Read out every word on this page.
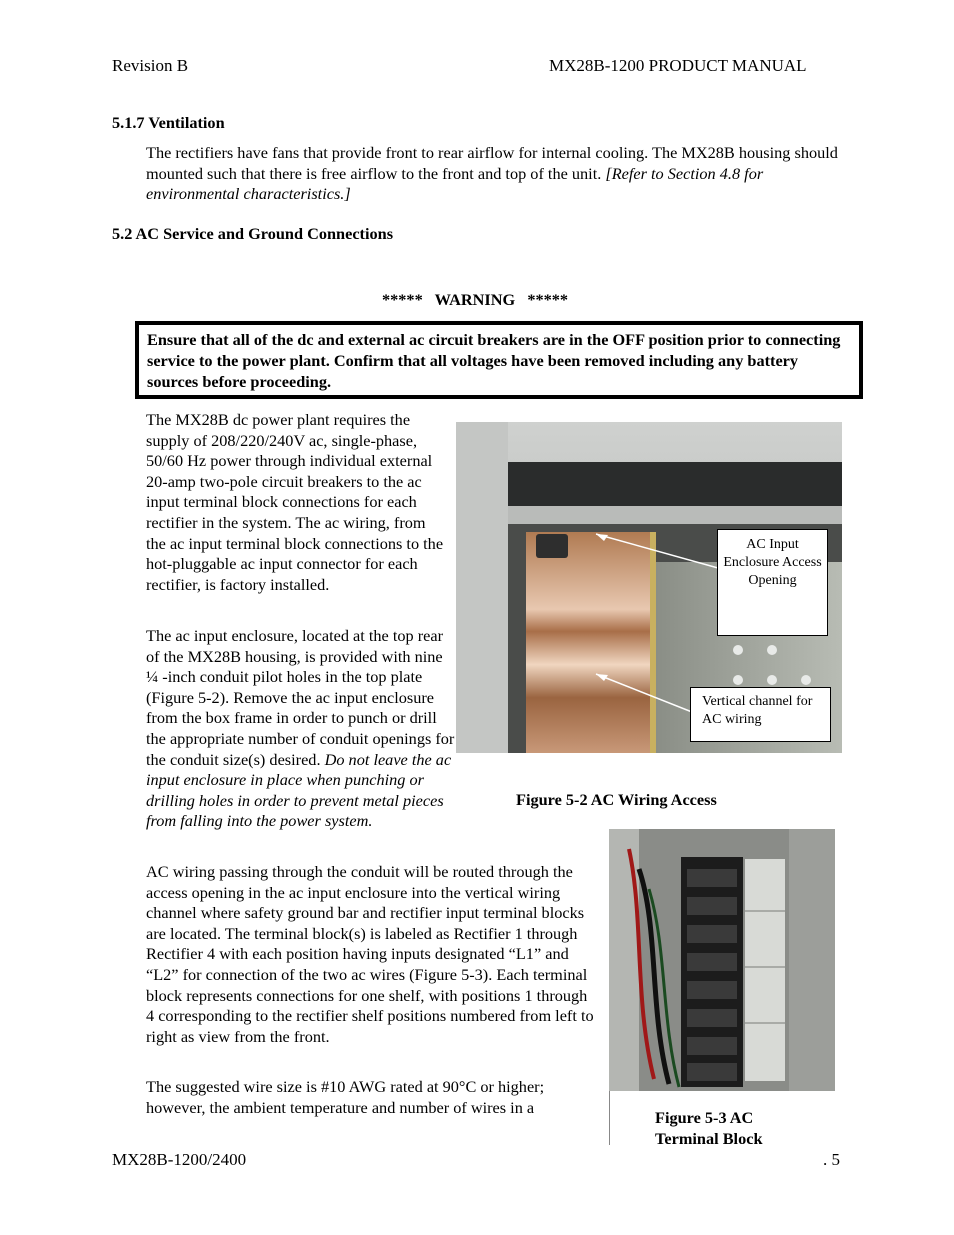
Revision B	MX28B-1200 PRODUCT MANUAL
5.1.7 Ventilation

The rectifiers have fans that provide front to rear airflow for internal cooling. The MX28B housing should mounted such that there is free airflow to the front and top of the unit. [Refer to Section 4.8 for environmental characteristics.]

5.2 AC Service and Ground Connections
*****   WARNING   *****
Ensure that all of the dc and external ac circuit breakers are in the OFF position prior to connecting service to the power plant. Confirm that all voltages have been removed including any battery sources before proceeding.

The MX28B dc power plant requires the supply of 208/220/240V ac, single-phase, 50/60 Hz power through individual external 20-amp two-pole circuit breakers to the ac input terminal block connections for each rectifier in the system. The ac wiring, from the ac input terminal block connections to the hot-pluggable ac input connector for each rectifier, is factory installed.

The ac input enclosure, located at the top rear of the MX28B housing, is provided with nine ¼ -inch conduit pilot holes in the top plate (Figure 5-2). Remove the ac input enclosure from the box frame in order to punch or drill the appropriate number of conduit openings for the conduit size(s) desired. Do not leave the ac input enclosure in place when punching or drilling holes in order to prevent metal pieces from falling into the power system.

AC Input Enclosure Access Opening
Vertical channel for AC wiring
Figure 5-2 AC Wiring Access

AC wiring passing through the conduit will be routed through the access opening in the ac input enclosure into the vertical wiring channel where safety ground bar and rectifier input terminal blocks are located. The terminal block(s) is labeled as Rectifier 1 through Rectifier 4 with each position having inputs designated “L1” and “L2” for connection of the two ac wires (Figure 5-3). Each terminal block represents connections for one shelf, with positions 1 through 4 corresponding to the rectifier shelf positions numbered from left to right as view from the front.

The suggested wire size is #10 AWG rated at 90°C or higher; however, the ambient temperature and number of wires in a

Figure 5-3 AC Terminal Block
MX28B-1200/2400	. 5
